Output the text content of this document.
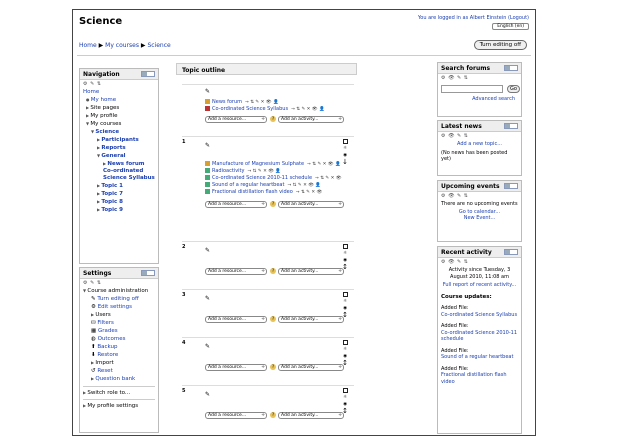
Science	You are logged in as Albert Einstein (Logout)
English (en)
Home ▶ My courses ▶ Science	Turn editing off
Navigation
⚙ ✎ ⇅
Home
● My home
▶ Site pages
▶ My profile
▼ My courses
▼ Science
▶ Participants
▶ Reports
▼ General
▶ News forum
Co-ordinated Science Syllabus
▶ Topic 1
▶ Topic 7
▶ Topic 8
▶ Topic 9
Settings
⚙ ✎ ⇅
▼ Course administration
✎ Turn editing off
⚙ Edit settings
▶ Users
⛁ Filters
▦ Grades
◍ Outcomes
⬆ Backup
⬇ Restore
▶ Import
↺ Reset
▶ Question bank
▶ Switch role to...
▶ My profile settings
Topic outline
✎
News forum → ⇅ ✎ ✕ 👁 👤
Co-ordinated Science Syllabus → ⇅ ✎ ✕ 👁 👤
Add a resource... ÷	?	Add an activity... ÷
1	✎
Manufacture of Magnesium Sulphate → ⇅ ✎ ✕ 👁 👤
Radioactivity → ⇅ ✎ ✕ 👁 👤
Co-ordinated Science 2010-11 schedule → ⇅ ✎ ✕ 👁
Sound of a regular heartbeat → ⇅ ✎ ✕ 👁 👤
Fractional distillation flash video → ⇅ ✎ ✕ 👁
Add a resource... ÷	?	Add an activity... ÷
☼
◉
↓
2	✎
Add a resource... ÷	?	Add an activity... ÷
☼
◉
↕
3	✎
Add a resource... ÷	?	Add an activity... ÷
☼
◉
↕
4	✎
Add a resource... ÷	?	Add an activity... ÷
☼
◉
↕
5	✎
Add a resource... ÷	?	Add an activity... ÷
☼
◉
↕
Search forums
⚙ 👁 ✎ ⇅
Go
Advanced search
Latest news
⚙ 👁 ✎ ⇅
Add a new topic...
(No news has been posted yet)
Upcoming events
⚙ 👁 ✎ ⇅
There are no upcoming events
Go to calendar...
New Event...
Recent activity
⚙ 👁 ✎ ⇅
Activity since Tuesday, 3 August 2010, 11:08 am
Full report of recent activity...
Course updates:
Added File:
Co-ordinated Science Syllabus
Added File:
Co-ordinated Science 2010-11 schedule
Added File:
Sound of a regular heartbeat
Added File:
Fractional distillation flash video
